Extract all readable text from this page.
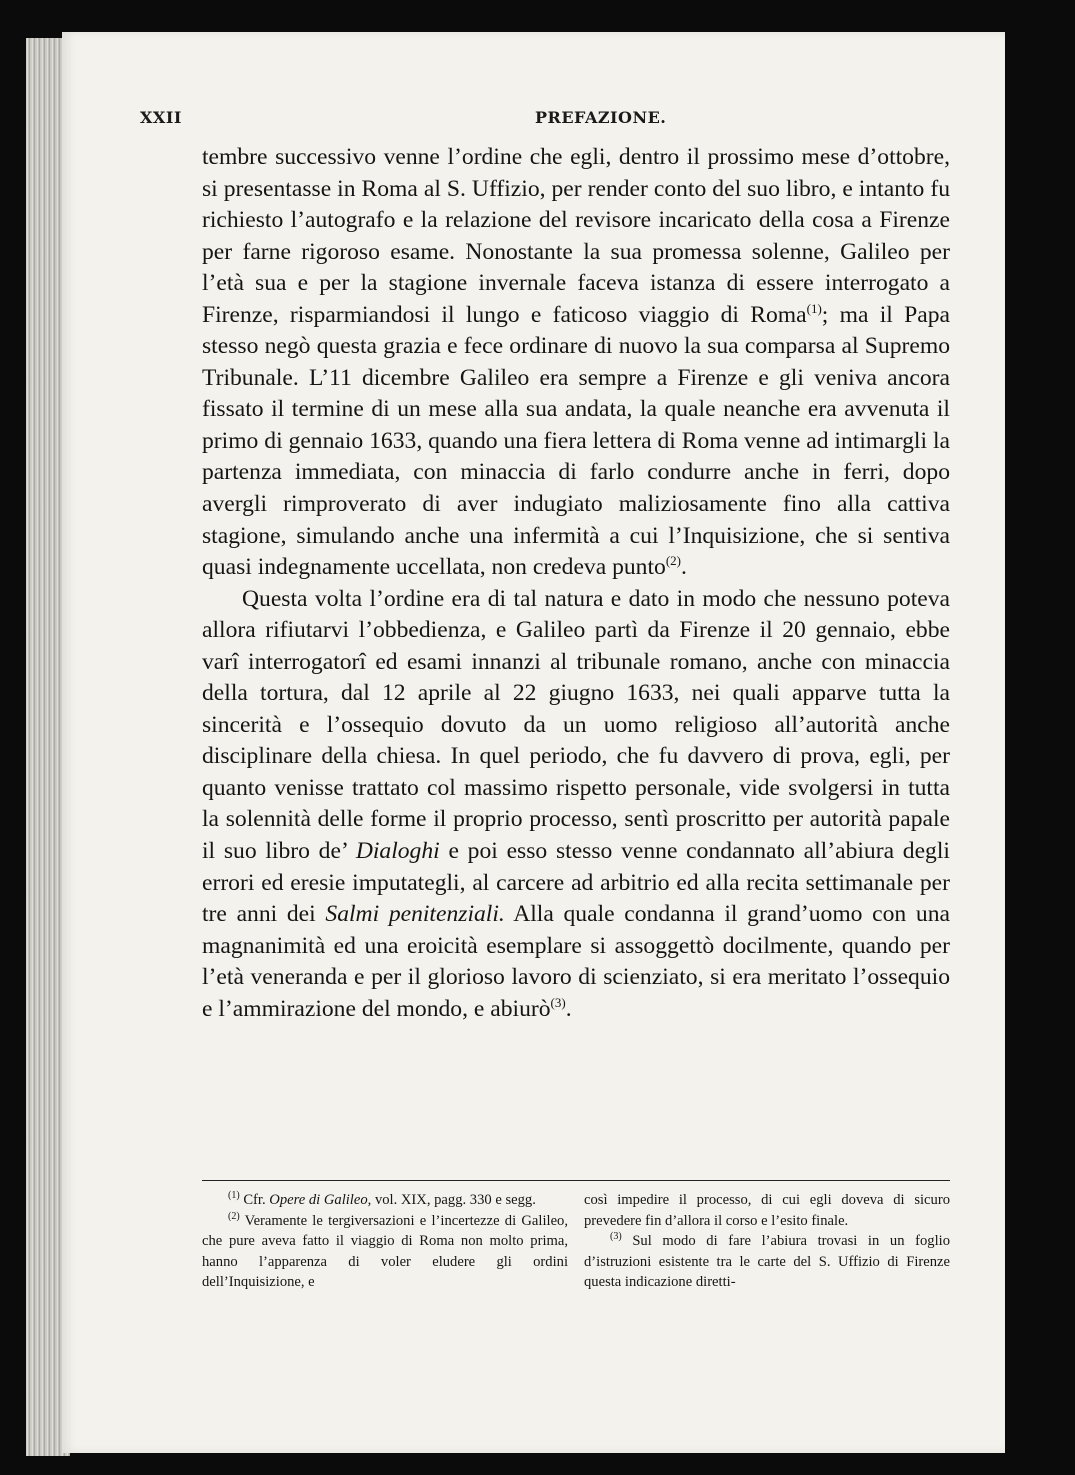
XXII	PREFAZIONE.

tembre successivo venne l’ordine che egli, dentro il prossimo mese d’ottobre, si presentasse in Roma al S. Uffizio, per render conto del suo libro, e intanto fu richiesto l’autografo e la relazione del revisore incaricato della cosa a Firenze per farne rigoroso esame. Nonostante la sua promessa solenne, Galileo per l’età sua e per la stagione invernale faceva istanza di essere interrogato a Firenze, risparmiandosi il lungo e faticoso viaggio di Roma$^{(1)}$; ma il Papa stesso negò questa grazia e fece ordinare di nuovo la sua comparsa al Supremo Tribunale. L’11 dicembre Galileo era sempre a Firenze e gli veniva ancora fissato il termine di un mese alla sua andata, la quale neanche era avvenuta il primo di gennaio 1633, quando una fiera lettera di Roma venne ad intimargli la partenza immediata, con minaccia di farlo condurre anche in ferri, dopo avergli rimproverato di aver indugiato maliziosamente fino alla cattiva stagione, simulando anche una infermità a cui l’Inquisizione, che si sentiva quasi indegnamente uccellata, non credeva punto$^{(2)}$.

Questa volta l’ordine era di tal natura e dato in modo che nessuno poteva allora rifiutarvi l’obbedienza, e Galileo partì da Firenze il 20 gennaio, ebbe varî interrogatorî ed esami innanzi al tribunale romano, anche con minaccia della tortura, dal 12 aprile al 22 giugno 1633, nei quali apparve tutta la sincerità e l’ossequio dovuto da un uomo religioso all’autorità anche disciplinare della chiesa. In quel periodo, che fu davvero di prova, egli, per quanto venisse trattato col massimo rispetto personale, vide svolgersi in tutta la solennità delle forme il proprio processo, sentì proscritto per autorità papale il suo libro de’ Dialoghi e poi esso stesso venne condannato all’abiura degli errori ed eresie imputategli, al carcere ad arbitrio ed alla recita settimanale per tre anni dei Salmi penitenziali. Alla quale condanna il grand’uomo con una magnanimità ed una eroicità esemplare si assoggettò docilmente, quando per l’età veneranda e per il glorioso lavoro di scienziato, si era meritato l’ossequio e l’ammirazione del mondo, e abiurò$^{(3)}$.

$^{(1)}$ Cfr. Opere di Galileo, vol. XIX, pagg. 330 e segg.

$^{(2)}$ Veramente le tergiversazioni e l’incertezze di Galileo, che pure aveva fatto il viaggio di Roma non molto prima, hanno l’apparenza di voler eludere gli ordini dell’Inquisizione, e

così impedire il processo, di cui egli doveva di sicuro prevedere fin d’allora il corso e l’esito finale.

$^{(3)}$ Sul modo di fare l’abiura trovasi in un foglio d’istruzioni esistente tra le carte del S. Uffizio di Firenze questa indicazione diretti-
